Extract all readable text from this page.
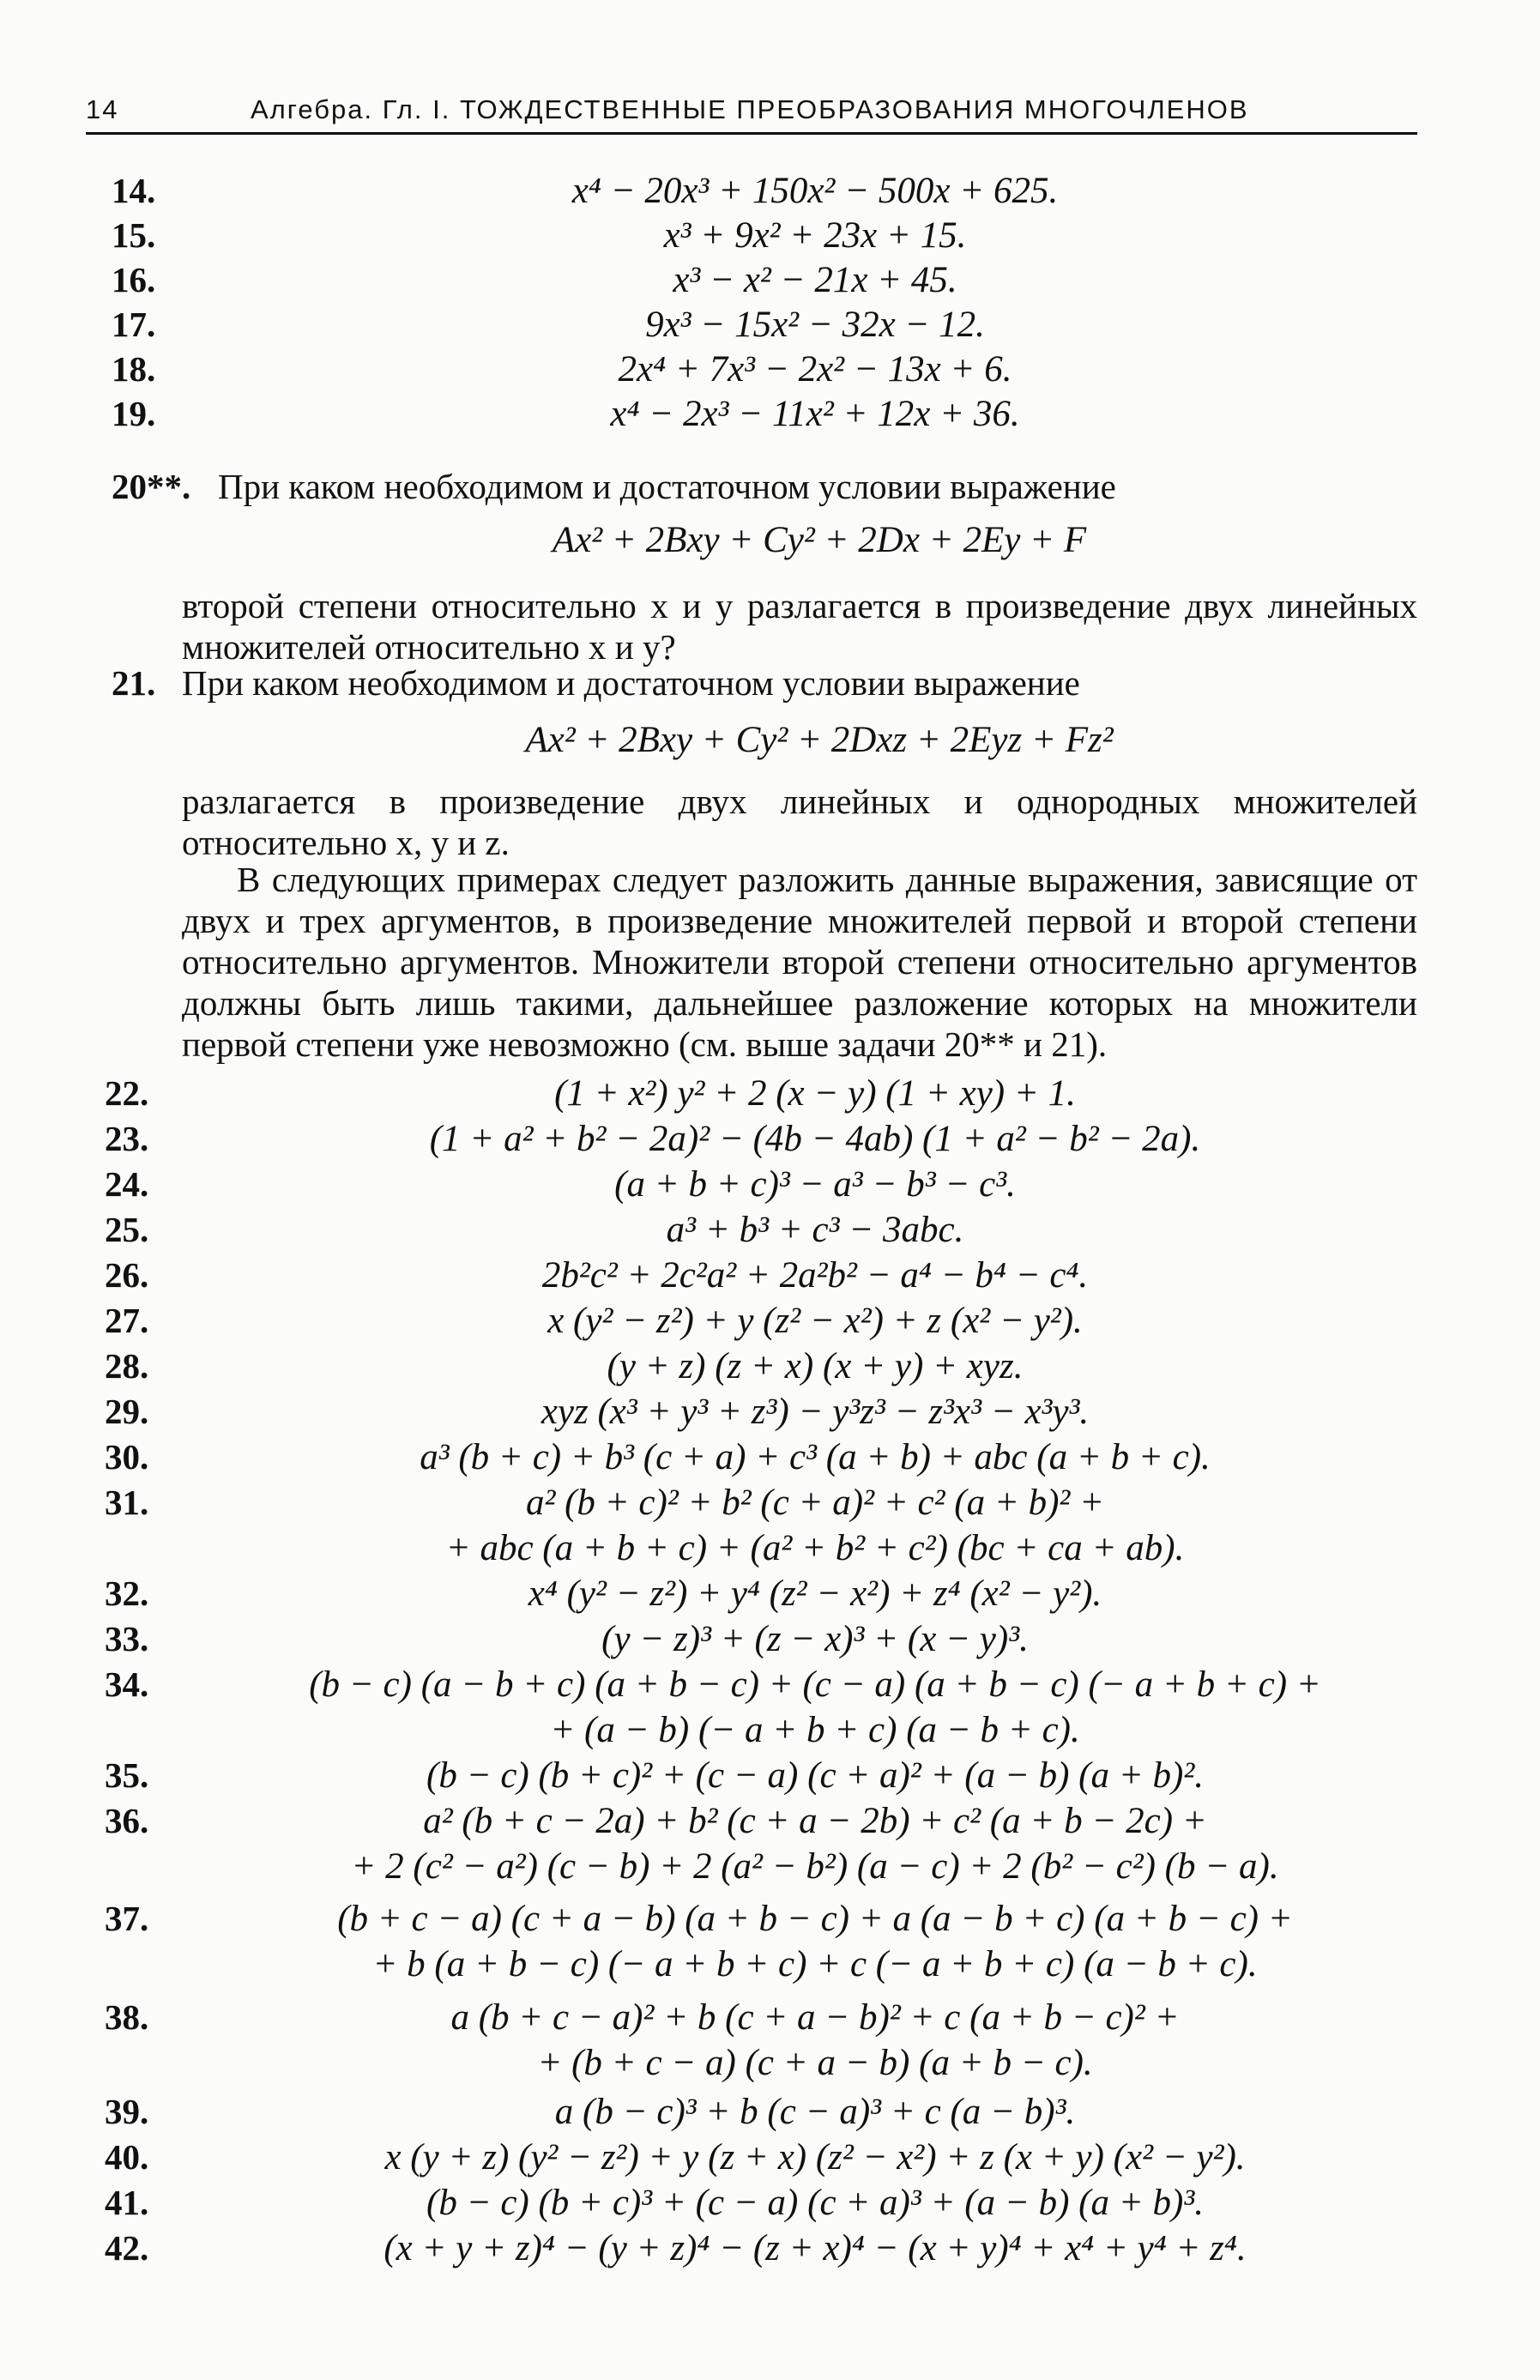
14	Алгебра. Гл. I. ТОЖДЕСТВЕННЫЕ ПРЕОБРАЗОВАНИЯ МНОГОЧЛЕНОВ
14.	x⁴ − 20x³ + 150x² − 500x + 625.
15.	x³ + 9x² + 23x + 15.
16.	x³ − x² − 21x + 45.
17.	9x³ − 15x² − 32x − 12.
18.	2x⁴ + 7x³ − 2x² − 13x + 6.
19.	x⁴ − 2x³ − 11x² + 12x + 36.
20**. При каком необходимом и достаточном условии выражение
Ax² + 2Bxy + Cy² + 2Dx + 2Ey + F
второй степени относительно x и y разлагается в произведение двух линейных множителей относительно x и y?
21. При каком необходимом и достаточном условии выражение
Ax² + 2Bxy + Cy² + 2Dxz + 2Eyz + Fz²
разлагается в произведение двух линейных и однородных множителей относительно x, y и z.
В следующих примерах следует разложить данные выражения, зависящие от двух и трех аргументов, в произведение множителей первой и второй степени относительно аргументов. Множители второй степени относительно аргументов должны быть лишь такими, дальнейшее разложение которых на множители первой степени уже невозможно (см. выше задачи 20** и 21).
22.	(1 + x²) y² + 2 (x − y) (1 + xy) + 1.
23.	(1 + a² + b² − 2a)² − (4b − 4ab) (1 + a² − b² − 2a).
24.	(a + b + c)³ − a³ − b³ − c³.
25.	a³ + b³ + c³ − 3abc.
26.	2b²c² + 2c²a² + 2a²b² − a⁴ − b⁴ − c⁴.
27.	x (y² − z²) + y (z² − x²) + z (x² − y²).
28.	(y + z) (z + x) (x + y) + xyz.
29.	xyz (x³ + y³ + z³) − y³z³ − z³x³ − x³y³.
30.	a³ (b + c) + b³ (c + a) + c³ (a + b) + abc (a + b + c).
31.	a² (b + c)² + b² (c + a)² + c² (a + b)² +
+ abc (a + b + c) + (a² + b² + c²) (bc + ca + ab).
32.	x⁴ (y² − z²) + y⁴ (z² − x²) + z⁴ (x² − y²).
33.	(y − z)³ + (z − x)³ + (x − y)³.
34.	(b − c) (a − b + c) (a + b − c) + (c − a) (a + b − c) (− a + b + c) +
+ (a − b) (− a + b + c) (a − b + c).
35.	(b − c) (b + c)² + (c − a) (c + a)² + (a − b) (a + b)².
36.	a² (b + c − 2a) + b² (c + a − 2b) + c² (a + b − 2c) +
+ 2 (c² − a²) (c − b) + 2 (a² − b²) (a − c) + 2 (b² − c²) (b − a).
37.	(b + c − a) (c + a − b) (a + b − c) + a (a − b + c) (a + b − c) +
+ b (a + b − c) (− a + b + c) + c (− a + b + c) (a − b + c).
38.	a (b + c − a)² + b (c + a − b)² + c (a + b − c)² +
+ (b + c − a) (c + a − b) (a + b − c).
39.	a (b − c)³ + b (c − a)³ + c (a − b)³.
40.	x (y + z) (y² − z²) + y (z + x) (z² − x²) + z (x + y) (x² − y²).
41.	(b − c) (b + c)³ + (c − a) (c + a)³ + (a − b) (a + b)³.
42.	(x + y + z)⁴ − (y + z)⁴ − (z + x)⁴ − (x + y)⁴ + x⁴ + y⁴ + z⁴.
